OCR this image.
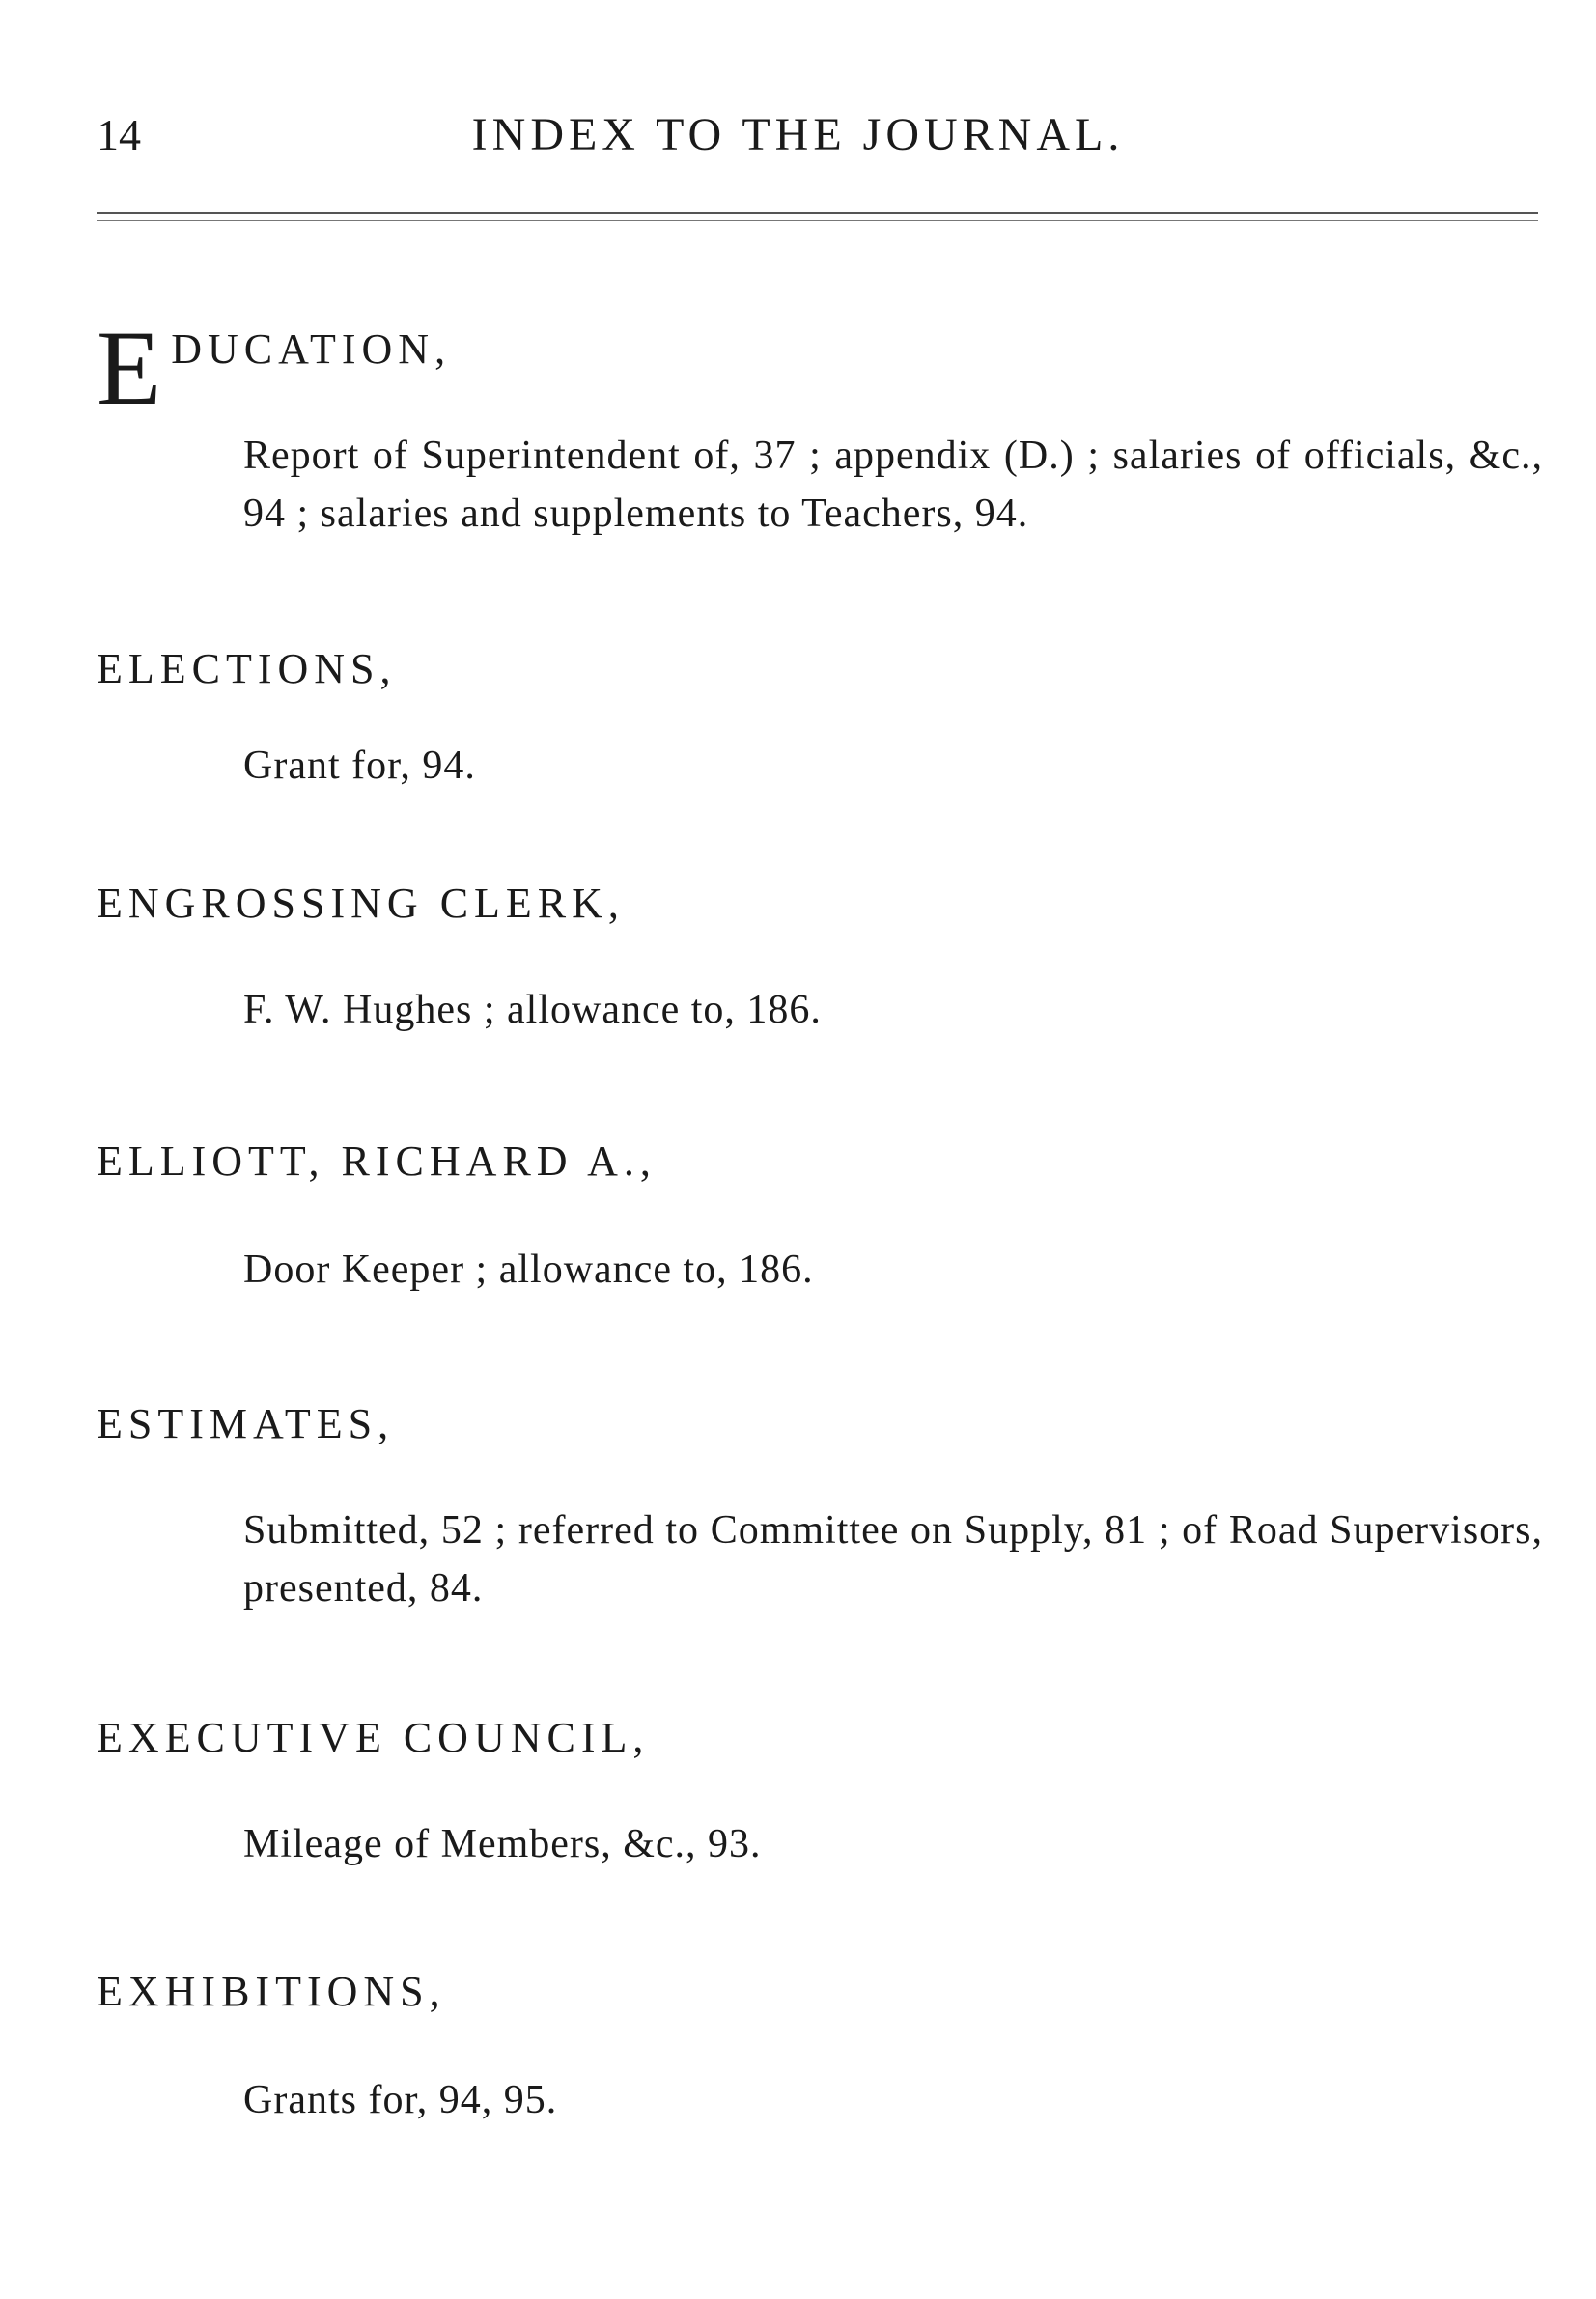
14	INDEX TO THE JOURNAL.
E DUCATION,
Report of Superintendent of, 37 ; appendix (D.) ; salaries of officials, &c., 94 ; salaries and supplements to Teachers, 94.
ELECTIONS,
Grant for, 94.
ENGROSSING CLERK,
F. W. Hughes ; allowance to, 186.
ELLIOTT, RICHARD A.,
Door Keeper ; allowance to, 186.
ESTIMATES,
Submitted, 52 ; referred to Committee on Supply, 81 ; of Road Supervisors, presented, 84.
EXECUTIVE COUNCIL,
Mileage of Members, &c., 93.
EXHIBITIONS,
Grants for, 94, 95.
